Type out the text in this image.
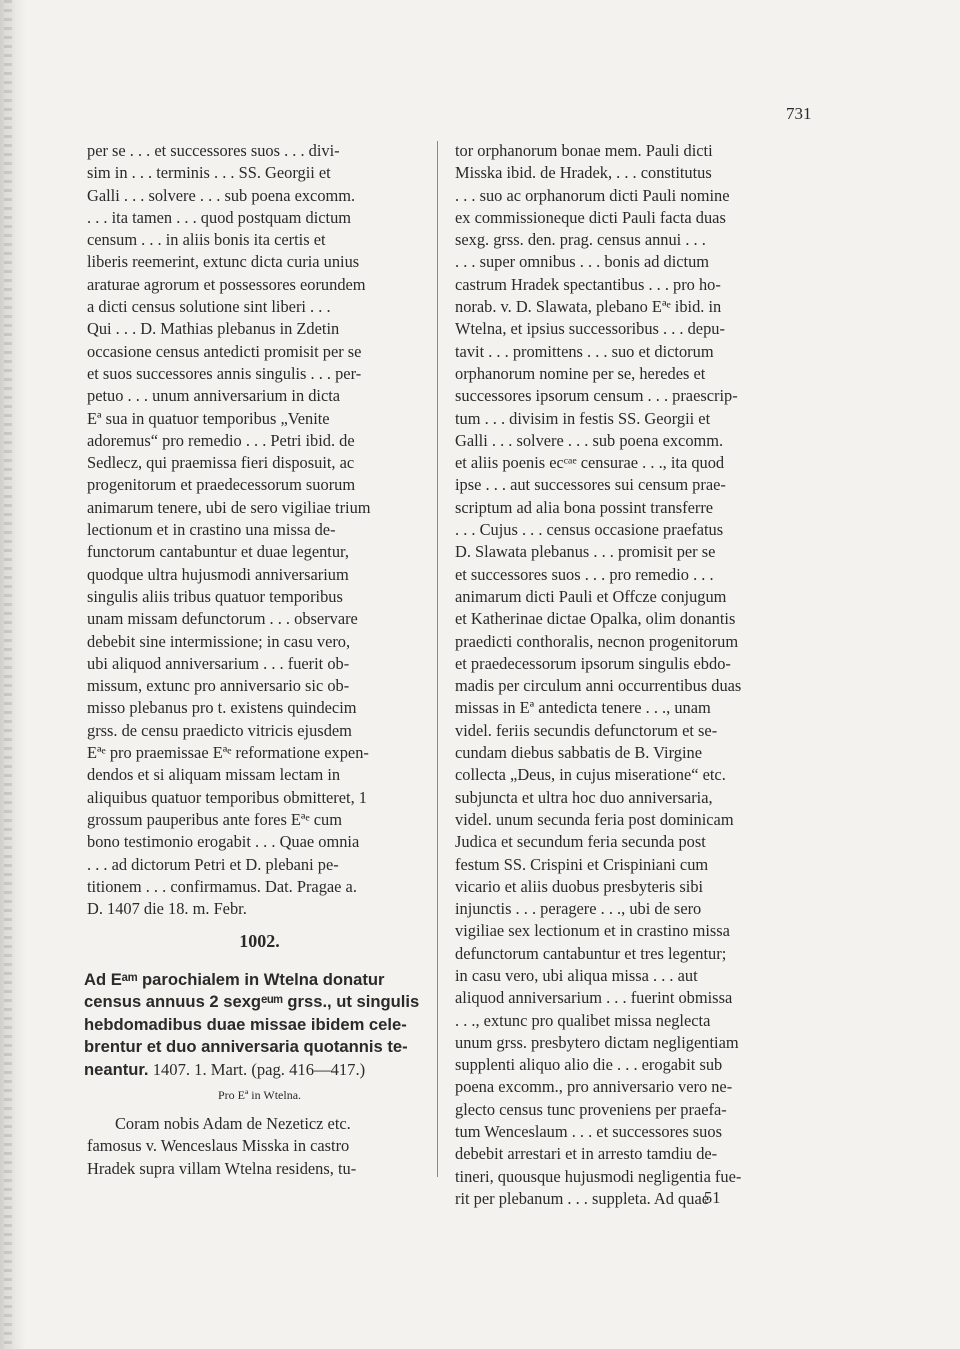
731
per se . . . et successores suos . . . divi-
sim in . . . terminis . . . SS. Georgii et
Galli . . . solvere . . . sub poena excomm.
. . . ita tamen . . . quod postquam dictum
censum . . . in aliis bonis ita certis et
liberis reemerint, extunc dicta curia unius
araturae agrorum et possessores eorundem
a dicti census solutione sint liberi . . .
Qui . . . D. Mathias plebanus in Zdetin
occasione census antedicti promisit per se
et suos successores annis singulis . . . per-
petuo . . . unum anniversarium in dicta
Eª sua in quatuor temporibus „Venite
adoremus“ pro remedio . . . Petri ibid. de
Sedlecz, qui praemissa fieri disposuit, ac
progenitorum et praedecessorum suorum
animarum tenere, ubi de sero vigiliae trium
lectionum et in crastino una missa de-
functorum cantabuntur et duae legentur,
quodque ultra hujusmodi anniversarium
singulis aliis tribus quatuor temporibus
unam missam defunctorum . . . observare
debebit sine intermissione; in casu vero,
ubi aliquod anniversarium . . . fuerit ob-
missum, extunc pro anniversario sic ob-
misso plebanus pro t. existens quindecim
grss. de censu praedicto vitricis ejusdem
Eªᵉ pro praemissae Eªᵉ reformatione expen-
dendos et si aliquam missam lectam in
aliquibus quatuor temporibus obmitteret, 1
grossum pauperibus ante fores Eªᵉ cum
bono testimonio erogabit . . . Quae omnia
. . . ad dictorum Petri et D. plebani pe-
titionem . . . confirmamus. Dat. Pragae a.
D. 1407 die 18. m. Febr.
tor orphanorum bonae mem. Pauli dicti
Misska ibid. de Hradek, . . . constitutus
. . . suo ac orphanorum dicti Pauli nomine
ex commissioneque dicti Pauli facta duas
sexg. grss. den. prag. census annui . . .
. . . super omnibus . . . bonis ad dictum
castrum Hradek spectantibus . . . pro ho-
norab. v. D. Slawata, plebano Eªᵉ ibid. in
Wtelna, et ipsius successoribus . . . depu-
tavit . . . promittens . . . suo et dictorum
orphanorum nomine per se, heredes et
successores ipsorum censum . . . praescrip-
tum . . . divisim in festis SS. Georgii et
Galli . . . solvere . . . sub poena excomm.
et aliis poenis ecᶜᵃᵉ censurae . . ., ita quod
ipse . . . aut successores sui censum prae-
scriptum ad alia bona possint transferre
. . . Cujus . . . census occasione praefatus
D. Slawata plebanus . . . promisit per se
et successores suos . . . pro remedio . . .
animarum dicti Pauli et Offcze conjugum
et Katherinae dictae Opalka, olim donantis
praedicti conthoralis, necnon progenitorum
et praedecessorum ipsorum singulis ebdo-
madis per circulum anni occurrentibus duas
missas in Eª antedicta tenere . . ., unam
videl. feriis secundis defunctorum et se-
cundam diebus sabbatis de B. Virgine
collecta „Deus, in cujus miseratione“ etc.
subjuncta et ultra hoc duo anniversaria,
videl. unum secunda feria post dominicam
Judica et secundum feria secunda post
festum SS. Crispini et Crispiniani cum
vicario et aliis duobus presbyteris sibi
injunctis . . . peragere . . ., ubi de sero
vigiliae sex lectionum et in crastino missa
defunctorum cantabuntur et tres legentur;
in casu vero, ubi aliqua missa . . . aut
aliquod anniversarium . . . fuerint obmissa
. . ., extunc pro qualibet missa neglecta
unum grss. presbytero dictam negligentiam
supplenti aliquo alio die . . . erogabit sub
poena excomm., pro anniversario vero ne-
glecto census tunc proveniens per praefa-
tum Wenceslaum . . . et successores suos
debebit arrestari et in arresto tamdiu de-
tineri, quousque hujusmodi negligentia fue-
rit per plebanum . . . suppleta. Ad quae
1002.
Ad Eᵃᵐ parochialem in Wtelna donatur
census annuus 2 sexgᵉᵘᵐ grss., ut singulis
hebdomadibus duae missae ibidem cele-
brentur et duo anniversaria quotannis te-
neantur. 1407. 1. Mart. (pag. 416—417.)
Pro Eª in Wtelna.
Coram nobis Adam de Nezeticz etc.
famosus v. Wenceslaus Misska in castro
Hradek supra villam Wtelna residens, tu-
51
